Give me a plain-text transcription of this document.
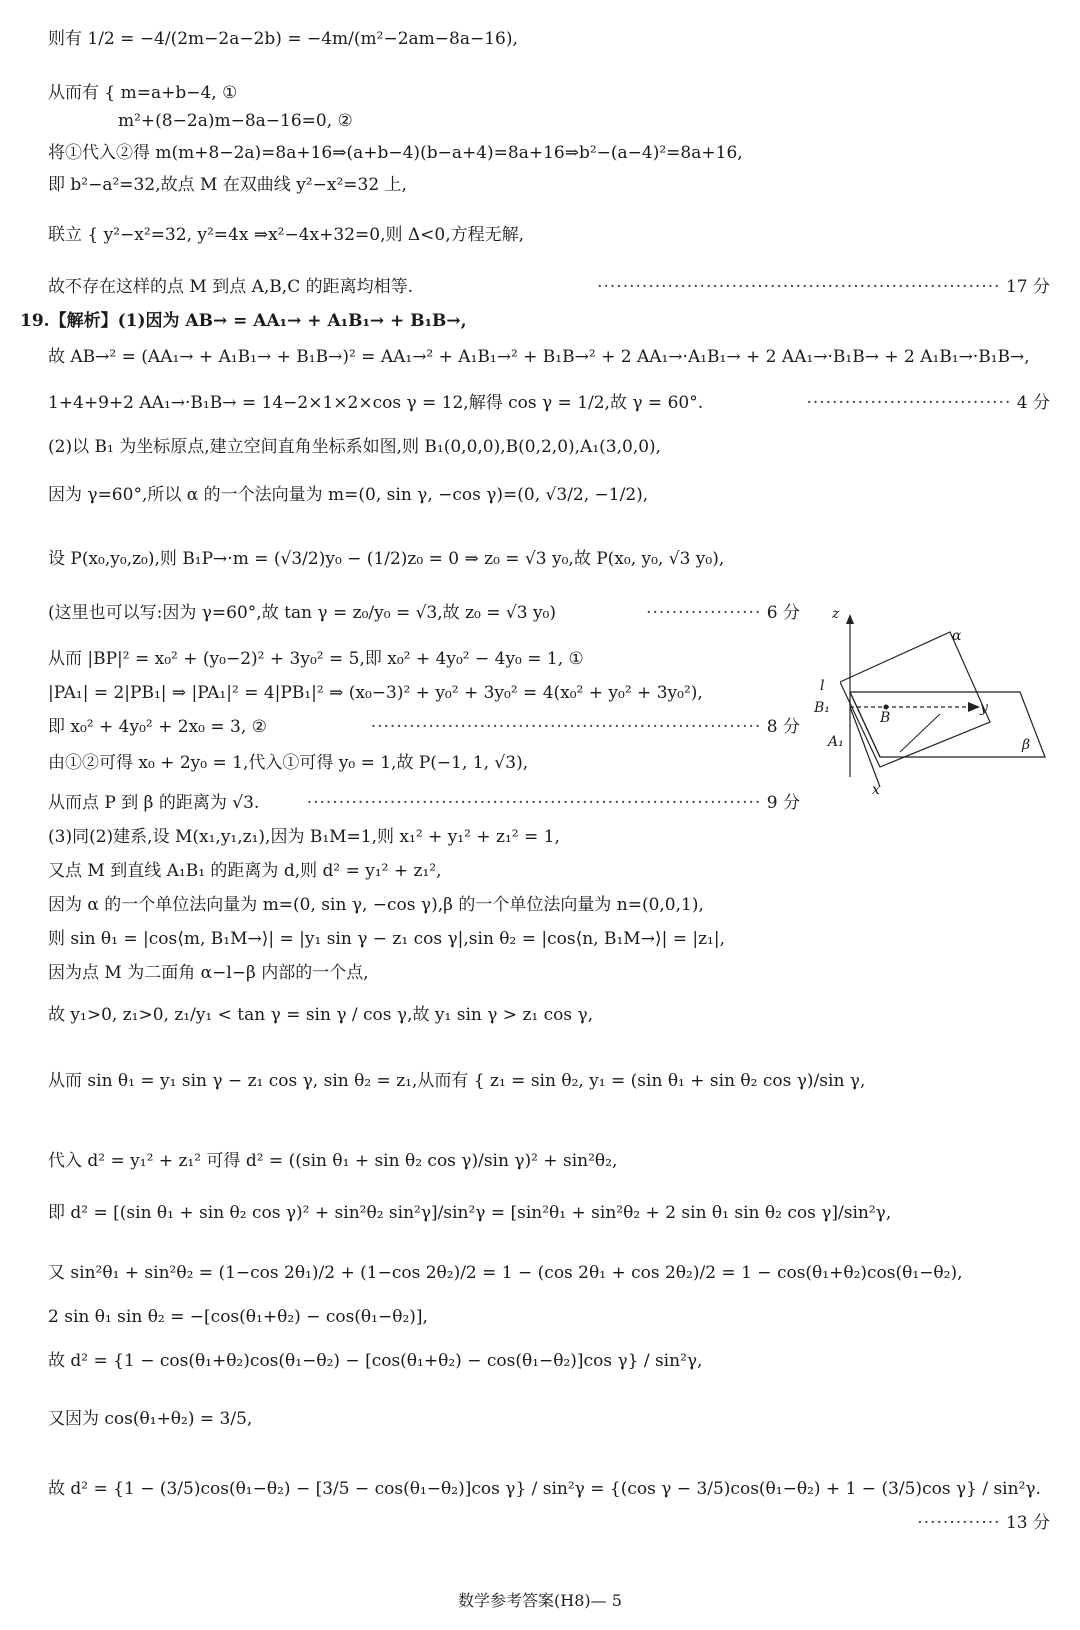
则有 1/2 = −4/(2m−2a−2b) = −4m/(m²−2am−8a−16),
从而有 { m=a+b−4, ①
m²+(8−2a)m−8a−16=0, ②
将①代入②得 m(m+8−2a)=8a+16⇒(a+b−4)(b−a+4)=8a+16⇒b²−(a−4)²=8a+16,
即 b²−a²=32,故点 M 在双曲线 y²−x²=32 上,
联立 { y²−x²=32, y²=4x ⇒x²−4x+32=0,则 Δ<0,方程无解,
故不存在这样的点 M 到点 A,B,C 的距离均相等.	······························································· 17 分
19.【解析】(1)因为 AB→ = AA₁→ + A₁B₁→ + B₁B→,
故 AB→² = (AA₁→ + A₁B₁→ + B₁B→)² = AA₁→² + A₁B₁→² + B₁B→² + 2 AA₁→·A₁B₁→ + 2 AA₁→·B₁B→ + 2 A₁B₁→·B₁B→,
1+4+9+2 AA₁→·B₁B→ = 14−2×1×2×cos γ = 12,解得 cos γ = 1/2,故 γ = 60°.	································ 4 分
(2)以 B₁ 为坐标原点,建立空间直角坐标系如图,则 B₁(0,0,0),B(0,2,0),A₁(3,0,0),
因为 γ=60°,所以 α 的一个法向量为 m=(0, sin γ, −cos γ)=(0, √3/2, −1/2),
设 P(x₀,y₀,z₀),则 B₁P→·m = (√3/2)y₀ − (1/2)z₀ = 0 ⇒ z₀ = √3 y₀,故 P(x₀, y₀, √3 y₀),
(这里也可以写:因为 γ=60°,故 tan γ = z₀/y₀ = √3,故 z₀ = √3 y₀)	·················· 6 分
从而 |BP|² = x₀² + (y₀−2)² + 3y₀² = 5,即 x₀² + 4y₀² − 4y₀ = 1, ①
|PA₁| = 2|PB₁| ⇒ |PA₁|² = 4|PB₁|² ⇒ (x₀−3)² + y₀² + 3y₀² = 4(x₀² + y₀² + 3y₀²),
即 x₀² + 4y₀² + 2x₀ = 3, ②	····························································· 8 分
由①②可得 x₀ + 2y₀ = 1,代入①可得 y₀ = 1,故 P(−1, 1, √3),
从而点 P 到 β 的距离为 √3.	······································································· 9 分
(3)同(2)建系,设 M(x₁,y₁,z₁),因为 B₁M=1,则 x₁² + y₁² + z₁² = 1,
又点 M 到直线 A₁B₁ 的距离为 d,则 d² = y₁² + z₁²,
因为 α 的一个单位法向量为 m=(0, sin γ, −cos γ),β 的一个单位法向量为 n=(0,0,1),
则 sin θ₁ = |cos⟨m, B₁M→⟩| = |y₁ sin γ − z₁ cos γ|,sin θ₂ = |cos⟨n, B₁M→⟩| = |z₁|,
因为点 M 为二面角 α−l−β 内部的一个点,
故 y₁>0, z₁>0, z₁/y₁ < tan γ = sin γ / cos γ,故 y₁ sin γ > z₁ cos γ,
从而 sin θ₁ = y₁ sin γ − z₁ cos γ, sin θ₂ = z₁,从而有 { z₁ = sin θ₂, y₁ = (sin θ₁ + sin θ₂ cos γ)/sin γ,
代入 d² = y₁² + z₁² 可得 d² = ((sin θ₁ + sin θ₂ cos γ)/sin γ)² + sin²θ₂,
即 d² = [(sin θ₁ + sin θ₂ cos γ)² + sin²θ₂ sin²γ]/sin²γ = [sin²θ₁ + sin²θ₂ + 2 sin θ₁ sin θ₂ cos γ]/sin²γ,
又 sin²θ₁ + sin²θ₂ = (1−cos 2θ₁)/2 + (1−cos 2θ₂)/2 = 1 − (cos 2θ₁ + cos 2θ₂)/2 = 1 − cos(θ₁+θ₂)cos(θ₁−θ₂),
2 sin θ₁ sin θ₂ = −[cos(θ₁+θ₂) − cos(θ₁−θ₂)],
故 d² = {1 − cos(θ₁+θ₂)cos(θ₁−θ₂) − [cos(θ₁+θ₂) − cos(θ₁−θ₂)]cos γ} / sin²γ,
又因为 cos(θ₁+θ₂) = 3/5,
故 d² = {1 − (3/5)cos(θ₁−θ₂) − [3/5 − cos(θ₁−θ₂)]cos γ} / sin²γ = {(cos γ − 3/5)cos(θ₁−θ₂) + 1 − (3/5)cos γ} / sin²γ.
············· 13 分
z
α
l
B₁
B
y
A₁	β
x
数学参考答案(H8)— 5
